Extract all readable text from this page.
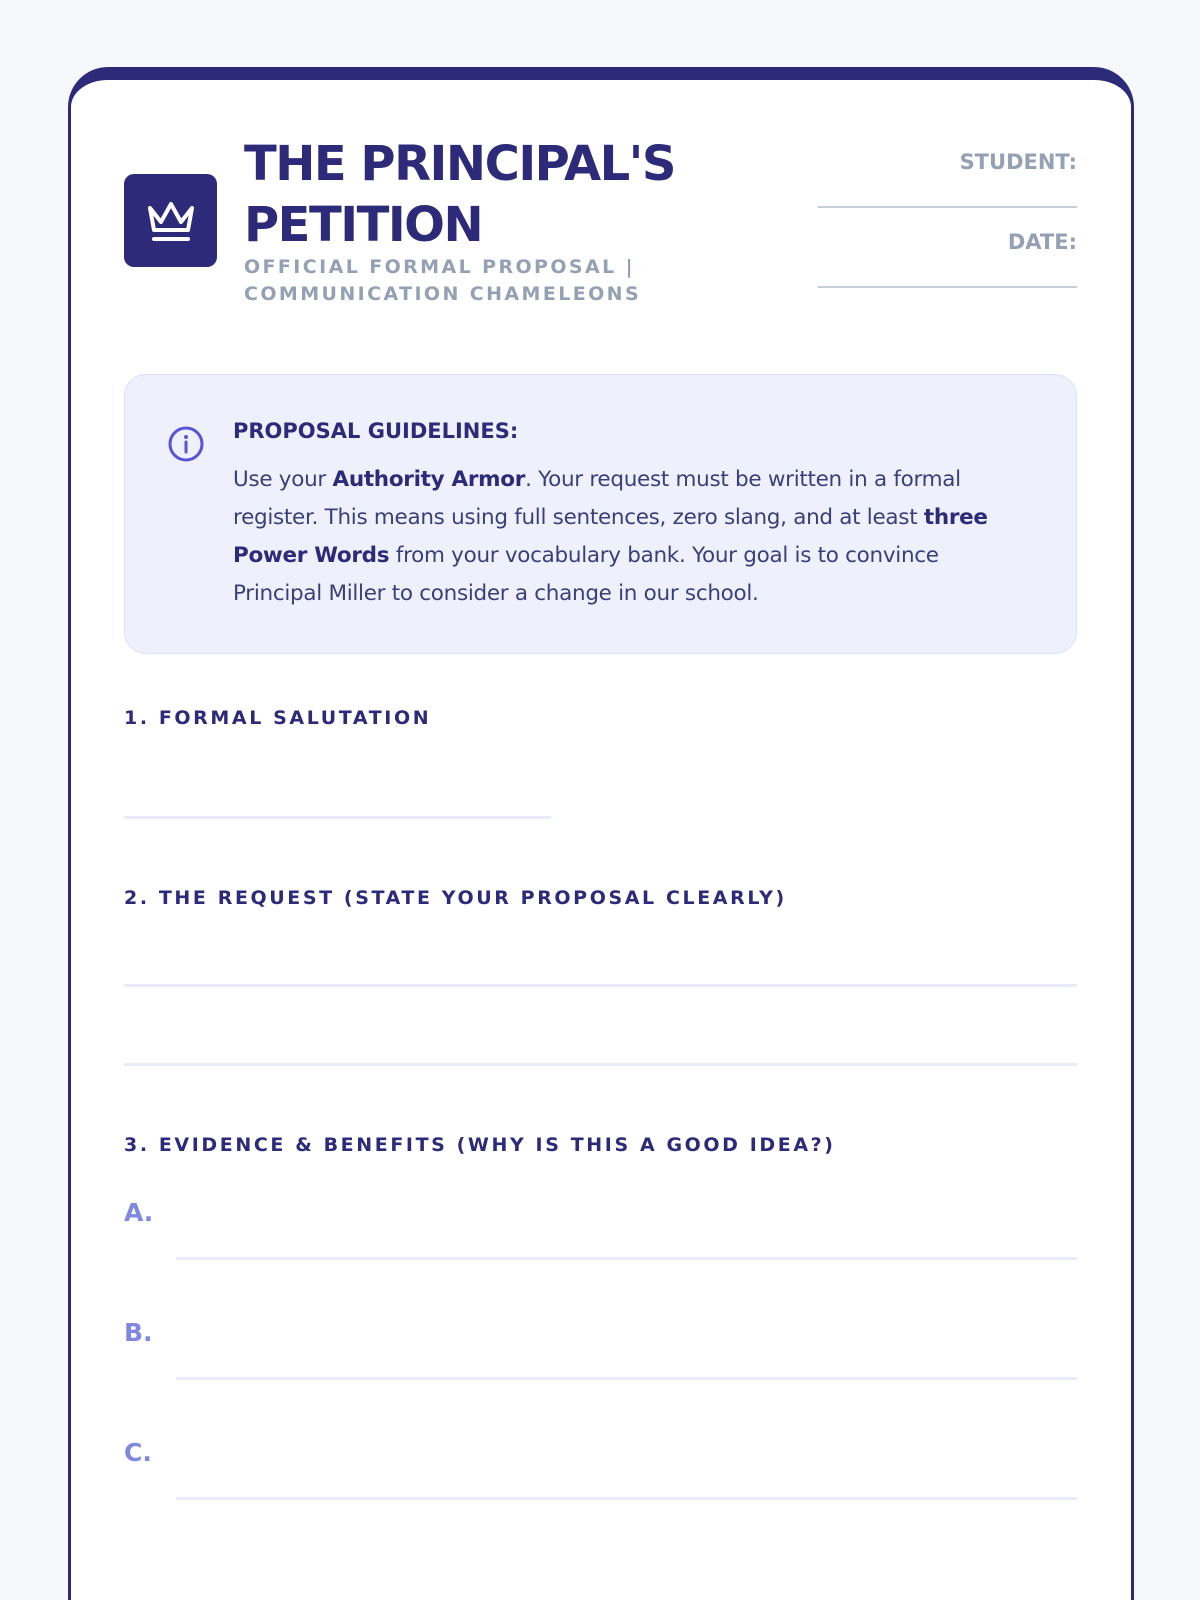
THE PRINCIPAL'S PETITION
OFFICIAL FORMAL PROPOSAL | COMMUNICATION CHAMELEONS
STUDENT:
DATE:
PROPOSAL GUIDELINES:
Use your Authority Armor. Your request must be written in a formal register. This means using full sentences, zero slang, and at least three Power Words from your vocabulary bank. Your goal is to convince Principal Miller to consider a change in our school.
1. FORMAL SALUTATION
2. THE REQUEST (STATE YOUR PROPOSAL CLEARLY)
3. EVIDENCE & BENEFITS (WHY IS THIS A GOOD IDEA?)
A.
B.
C.
